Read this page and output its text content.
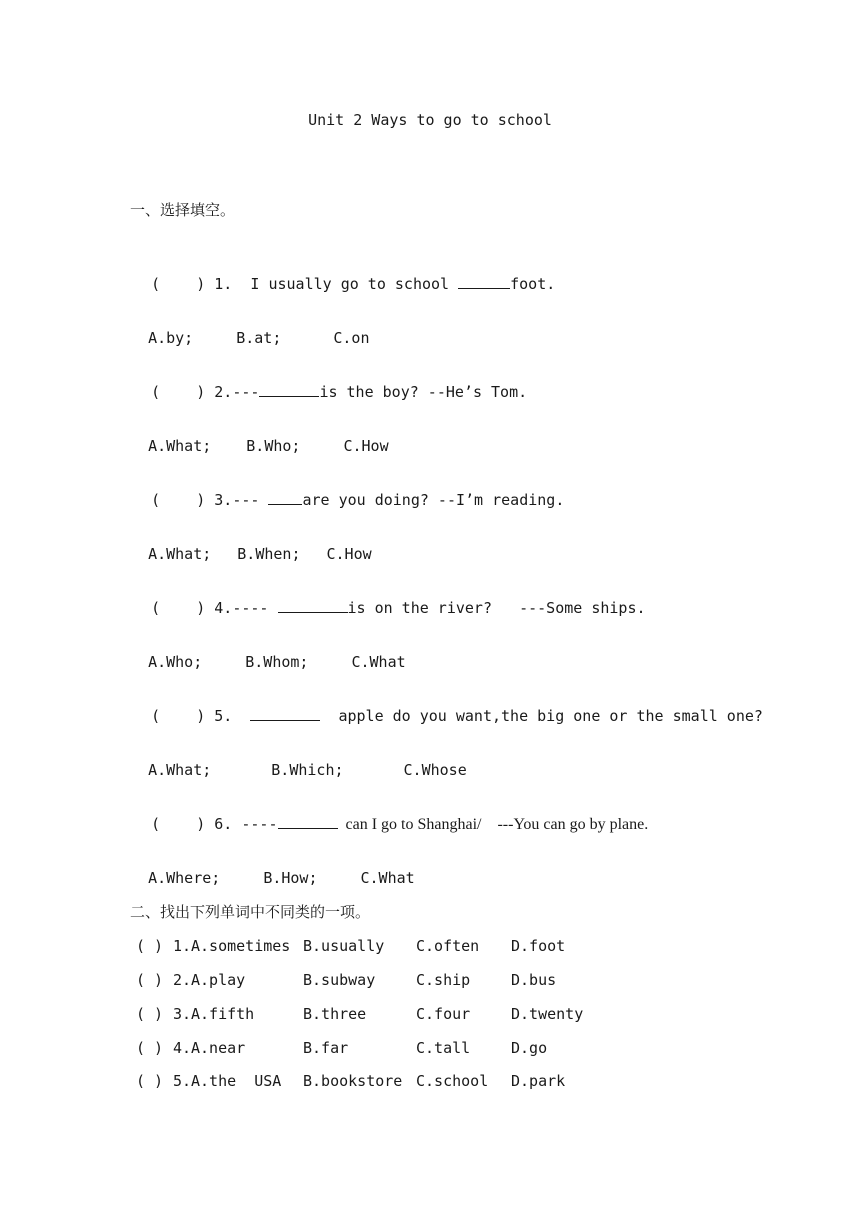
Unit 2 Ways to go to school
一、选择填空。

(    ) 1.  I usually go to school	foot.

A.by;	B.at;	C.on

(    ) 2.---	is the boy? --He’s Tom.

A.What; B.Who;	C.How

(    ) 3.--- are you doing? --I’m reading.

A.What; B.When; C.How

(    ) 4.----	is on the river?   ---Some ships.

A.Who;	B.Whom;	C.What

(    ) 5.	apple do you want,the big one or the small one?

A.What;	B.Which;	C.Whose

(    ) 6. ----	can I go to Shanghai/    ---You can go by plane.

A.Where;	B.How;	C.What

二、找出下列单词中不同类的一项。
( ) 1. A.sometimes B.usually C.often D.foot
( ) 2. A.play	B.subway	C.ship	D.bus
( ) 3. A.fifth	B.three	C.four	D.twenty
( ) 4. A.near	B.far	C.tall	D.go
( ) 5. A.the  USA B.bookstore C.school D.park
